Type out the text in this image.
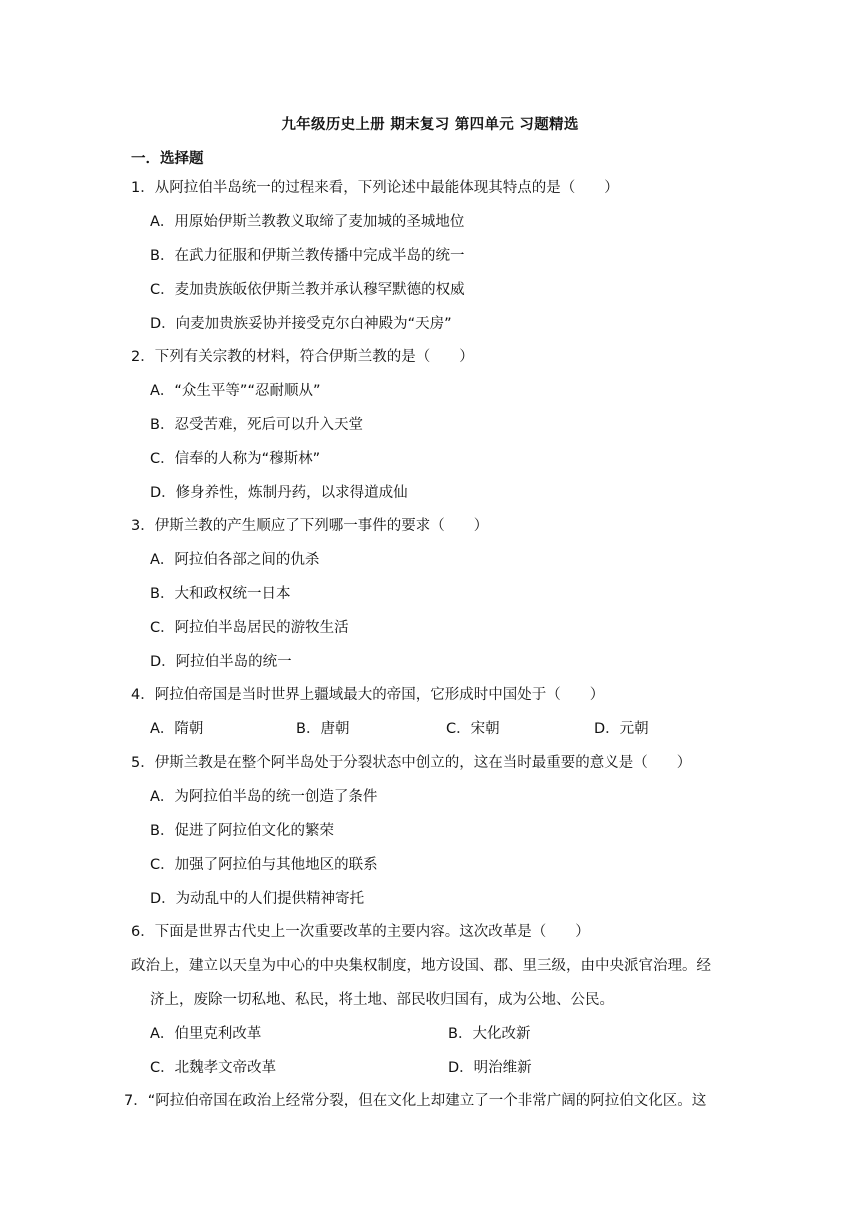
九年级历史上册 期末复习 第四单元 习题精选
一．选择题
1．从阿拉伯半岛统一的过程来看，下列论述中最能体现其特点的是（　　）
A．用原始伊斯兰教教义取缔了麦加城的圣城地位
B．在武力征服和伊斯兰教传播中完成半岛的统一
C．麦加贵族皈依伊斯兰教并承认穆罕默德的权威
D．向麦加贵族妥协并接受克尔白神殿为“天房”
2．下列有关宗教的材料，符合伊斯兰教的是（　　）
A．“众生平等”“忍耐顺从”
B．忍受苦难，死后可以升入天堂
C．信奉的人称为“穆斯林”
D．修身养性，炼制丹药，以求得道成仙
3．伊斯兰教的产生顺应了下列哪一事件的要求（　　）
A．阿拉伯各部之间的仇杀
B．大和政权统一日本
C．阿拉伯半岛居民的游牧生活
D．阿拉伯半岛的统一
4．阿拉伯帝国是当时世界上疆域最大的帝国，它形成时中国处于（　　）
A．隋朝	B．唐朝	C．宋朝	D．元朝
5．伊斯兰教是在整个阿半岛处于分裂状态中创立的，这在当时最重要的意义是（　　）
A．为阿拉伯半岛的统一创造了条件
B．促进了阿拉伯文化的繁荣
C．加强了阿拉伯与其他地区的联系
D．为动乱中的人们提供精神寄托
6．下面是世界古代史上一次重要改革的主要内容。这次改革是（　　）
政治上，建立以天皇为中心的中央集权制度，地方设国、郡、里三级，由中央派官治理。经
济上，废除一切私地、私民，将土地、部民收归国有，成为公地、公民。
A．伯里克利改革	B．大化改新
C．北魏孝文帝改革	D．明治维新
7．“阿拉伯帝国在政治上经常分裂，但在文化上却建立了一个非常广阔的阿拉伯文化区。这
